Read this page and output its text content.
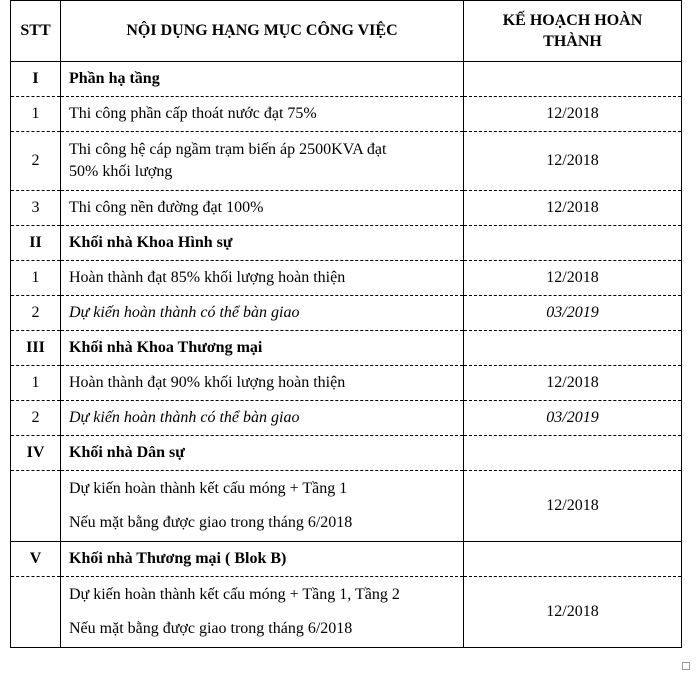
STT	NỘI DỤNG HẠNG MỤC CÔNG VIỆC	KẾ HOẠCH HOÀN
THÀNH
I	Phần hạ tầng	
1	Thi công phần cấp thoát nước đạt 75%	12/2018
2	Thi công hệ cáp ngầm trạm biến áp 2500KVA đạt
50% khối lượng	12/2018
3	Thi công nền đường đạt 100%	12/2018
II	Khối nhà Khoa Hình sự	
1	Hoàn thành đạt 85% khối lượng hoàn thiện	12/2018
2	Dự kiến hoàn thành có thể bàn giao	03/2019
III	Khối nhà Khoa Thương mại	
1	Hoàn thành đạt 90% khối lượng hoàn thiện	12/2018
2	Dự kiến hoàn thành có thể bàn giao	03/2019
IV	Khối nhà Dân sự	

	Dự kiến hoàn thành kết cấu móng + Tầng 1
Nếu mặt bằng được giao trong tháng 6/2018	12/2018
V	Khối nhà Thương mại ( Blok B)	

	Dự kiến hoàn thành kết cấu móng + Tầng 1, Tầng 2
Nếu mặt bằng được giao trong tháng 6/2018	12/2018
